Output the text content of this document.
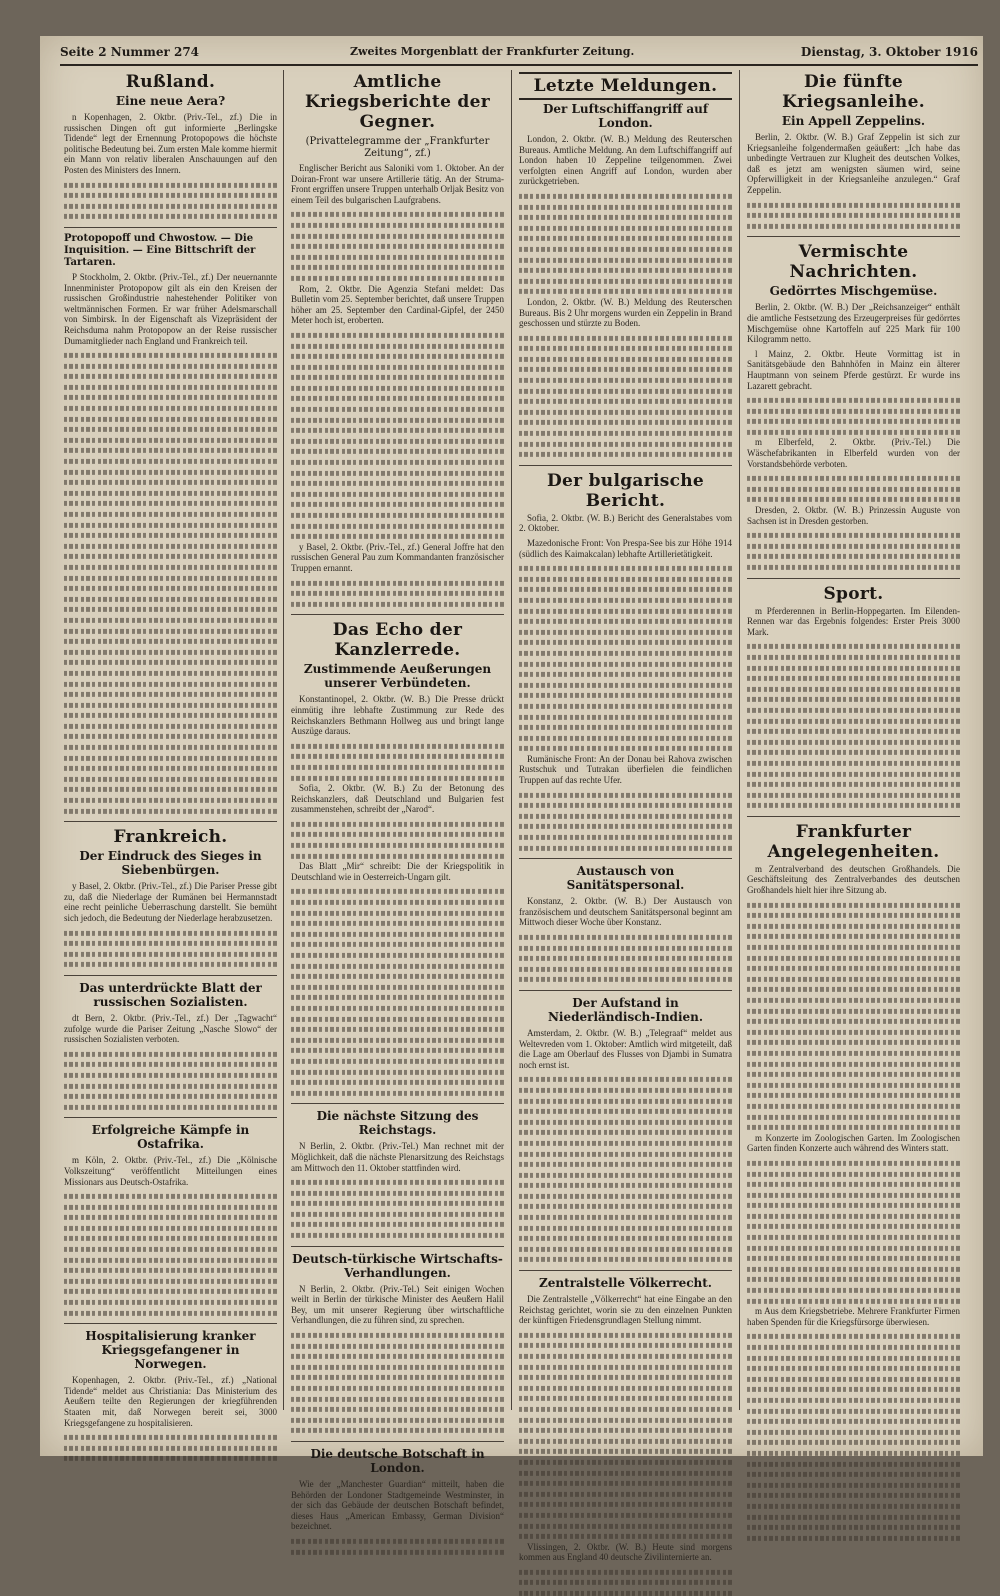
Seite 2 Nummer 274	Zweites Morgenblatt der Frankfurter Zeitung.	Dienstag, 3. Oktober 1916
Rußland.
Eine neue Aera?

n Kopenhagen, 2. Oktbr. (Priv.-Tel., zf.) Die in russischen Dingen oft gut informierte „Berlingske Tidende“ legt der Ernennung Protopopows die höchste politische Bedeutung bei. Zum ersten Male komme hiermit ein Mann von relativ liberalen Anschauungen auf den Posten des Ministers des Innern.

Protopopoff und Chwostow. — Die Inquisition. — Eine Bittschrift der Tartaren.

P Stockholm, 2. Oktbr. (Priv.-Tel., zf.) Der neuernannte Innenminister Protopopow gilt als ein den Kreisen der russischen Großindustrie nahestehender Politiker von weltmännischen Formen. Er war früher Adelsmarschall von Simbirsk. In der Eigenschaft als Vizepräsident der Reichsduma nahm Protopopow an der Reise russischer Dumamitglieder nach England und Frankreich teil.

Frankreich.
Der Eindruck des Sieges in Siebenbürgen.

y Basel, 2. Oktbr. (Priv.-Tel., zf.) Die Pariser Presse gibt zu, daß die Niederlage der Rumänen bei Hermannstadt eine recht peinliche Ueberraschung darstellt. Sie bemüht sich jedoch, die Bedeutung der Niederlage herabzusetzen.

Das unterdrückte Blatt der russischen Sozialisten.

dt Bern, 2. Oktbr. (Priv.-Tel., zf.) Der „Tagwacht“ zufolge wurde die Pariser Zeitung „Nasche Slowo“ der russischen Sozialisten verboten.

Erfolgreiche Kämpfe in Ostafrika.

m Köln, 2. Oktbr. (Priv.-Tel., zf.) Die „Kölnische Volkszeitung“ veröffentlicht Mitteilungen eines Missionars aus Deutsch-Ostafrika.

Hospitalisierung kranker Kriegsgefangener in Norwegen.

Kopenhagen, 2. Oktbr. (Priv.-Tel., zf.) „National Tidende“ meldet aus Christiania: Das Ministerium des Aeußern teilte den Regierungen der kriegführenden Staaten mit, daß Norwegen bereit sei, 3000 Kriegsgefangene zu hospitalisieren.

Amtliche Kriegsberichte der Gegner.
(Privattelegramme der „Frankfurter Zeitung“, zf.)

Englischer Bericht aus Saloniki vom 1. Oktober. An der Doiran-Front war unsere Artillerie tätig. An der Struma-Front ergriffen unsere Truppen unterhalb Orljak Besitz von einem Teil des bulgarischen Laufgrabens.

Rom, 2. Oktbr. Die Agenzia Stefani meldet: Das Bulletin vom 25. September berichtet, daß unsere Truppen höher am 25. September den Cardinal-Gipfel, der 2450 Meter hoch ist, eroberten.

y Basel, 2. Oktbr. (Priv.-Tel., zf.) General Joffre hat den russischen General Pau zum Kommandanten französischer Truppen ernannt.

Das Echo der Kanzlerrede.
Zustimmende Aeußerungen unserer Verbündeten.

Konstantinopel, 2. Oktbr. (W. B.) Die Presse drückt einmütig ihre lebhafte Zustimmung zur Rede des Reichskanzlers Bethmann Hollweg aus und bringt lange Auszüge daraus.

Sofia, 2. Oktbr. (W. B.) Zu der Betonung des Reichskanzlers, daß Deutschland und Bulgarien fest zusammenstehen, schreibt der „Narod“.

Das Blatt „Mir“ schreibt: Die der Kriegspolitik in Deutschland wie in Oesterreich-Ungarn gilt.

Die nächste Sitzung des Reichstags.

N Berlin, 2. Oktbr. (Priv.-Tel.) Man rechnet mit der Möglichkeit, daß die nächste Plenarsitzung des Reichstags am Mittwoch den 11. Oktober stattfinden wird.

Deutsch-türkische Wirtschafts-Verhandlungen.

N Berlin, 2. Oktbr. (Priv.-Tel.) Seit einigen Wochen weilt in Berlin der türkische Minister des Aeußern Halil Bey, um mit unserer Regierung über wirtschaftliche Verhandlungen, die zu führen sind, zu sprechen.

Die deutsche Botschaft in London.

Wie der „Manchester Guardian“ mitteilt, haben die Behörden der Londoner Stadtgemeinde Westminster, in der sich das Gebäude der deutschen Botschaft befindet, dieses Haus „American Embassy, German Division“ bezeichnet.

Letzte Meldungen.
Der Luftschiffangriff auf London.

London, 2. Oktbr. (W. B.) Meldung des Reuterschen Bureaus. Amtliche Meldung. An dem Luftschiffangriff auf London haben 10 Zeppeline teilgenommen. Zwei verfolgten einen Angriff auf London, wurden aber zurückgetrieben.

London, 2. Oktbr. (W. B.) Meldung des Reuterschen Bureaus. Bis 2 Uhr morgens wurden ein Zeppelin in Brand geschossen und stürzte zu Boden.

Der bulgarische Bericht.

Sofia, 2. Oktbr. (W. B.) Bericht des Generalstabes vom 2. Oktober.

Mazedonische Front: Von Prespa-See bis zur Höhe 1914 (südlich des Kaimakcalan) lebhafte Artillerietätigkeit.

Rumänische Front: An der Donau bei Rahova zwischen Rustschuk und Tutrakan überfielen die feindlichen Truppen auf das rechte Ufer.

Austausch von Sanitätspersonal.

Konstanz, 2. Oktbr. (W. B.) Der Austausch von französischem und deutschem Sanitätspersonal beginnt am Mittwoch dieser Woche über Konstanz.

Der Aufstand in Niederländisch-Indien.

Amsterdam, 2. Oktbr. (W. B.) „Telegraaf“ meldet aus Weltevreden vom 1. Oktober: Amtlich wird mitgeteilt, daß die Lage am Oberlauf des Flusses von Djambi in Sumatra noch ernst ist.

Zentralstelle Völkerrecht.

Die Zentralstelle „Völkerrecht“ hat eine Eingabe an den Reichstag gerichtet, worin sie zu den einzelnen Punkten der künftigen Friedensgrundlagen Stellung nimmt.

Vlissingen, 2. Oktbr. (W. B.) Heute sind morgens kommen aus England 40 deutsche Zivilinternierte an.

Die fünfte Kriegsanleihe.
Ein Appell Zeppelins.

Berlin, 2. Oktbr. (W. B.) Graf Zeppelin ist sich zur Kriegsanleihe folgendermaßen geäußert: „Ich habe das unbedingte Vertrauen zur Klugheit des deutschen Volkes, daß es jetzt am wenigsten säumen wird, seine Opferwilligkeit in der Kriegsanleihe anzulegen.“ Graf Zeppelin.

Vermischte Nachrichten.
Gedörrtes Mischgemüse.

Berlin, 2. Oktbr. (W. B.) Der „Reichsanzeiger“ enthält die amtliche Festsetzung des Erzeugerpreises für gedörrtes Mischgemüse ohne Kartoffeln auf 225 Mark für 100 Kilogramm netto.

l Mainz, 2. Oktbr. Heute Vormittag ist in Sanitätsgebäude den Bahnhöfen in Mainz ein älterer Hauptmann von seinem Pferde gestürzt. Er wurde ins Lazarett gebracht.

m Elberfeld, 2. Oktbr. (Priv.-Tel.) Die Wäschefabrikanten in Elberfeld wurden von der Vorstandsbehörde verboten.

Dresden, 2. Oktbr. (W. B.) Prinzessin Auguste von Sachsen ist in Dresden gestorben.

Sport.

m Pferderennen in Berlin-Hoppegarten. Im Eilenden-Rennen war das Ergebnis folgendes: Erster Preis 3000 Mark.

Frankfurter Angelegenheiten.

m Zentralverband des deutschen Großhandels. Die Geschäftsleitung des Zentralverbandes des deutschen Großhandels hielt hier ihre Sitzung ab.

m Konzerte im Zoologischen Garten. Im Zoologischen Garten finden Konzerte auch während des Winters statt.

m Aus dem Kriegsbetriebe. Mehrere Frankfurter Firmen haben Spenden für die Kriegsfürsorge überwiesen.
